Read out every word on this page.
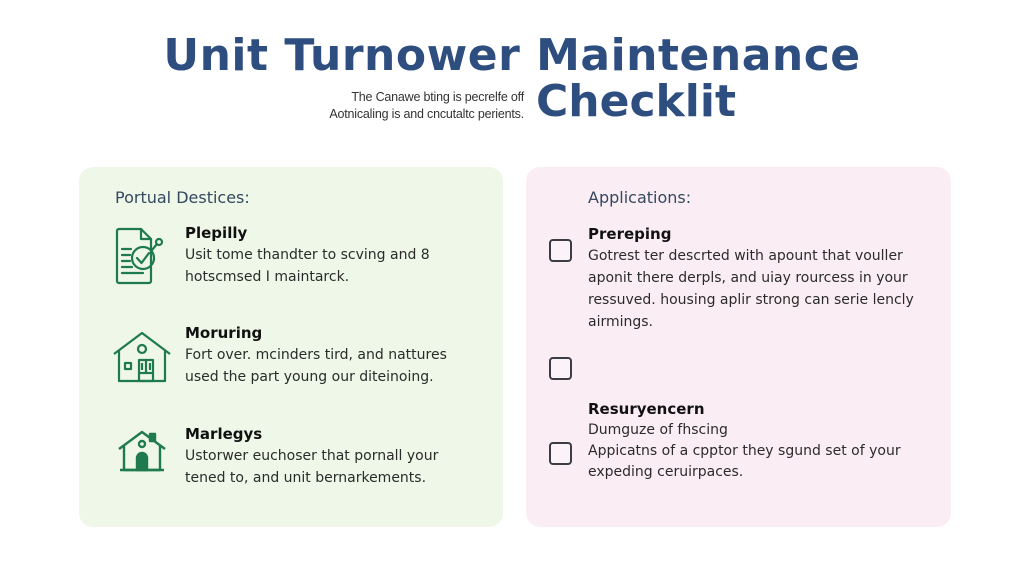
Unit Turnower Maintenance
Checklit
The Canawe bting is pecrelfe off
Aotnicaling is and cncutaltc perients.
Portual Destices:
Plepilly
Usit tome thandter to scving and 8
hotscmsed I maintarck.
Moruring
Fort over. mcinders tird, and nattures
used the part young our diteinoing.
Marlegys
Ustorwer euchoser that pornall your
tened to, and unit bernarkements.
Applications:
Prereping
Gotrest ter descrted with apount that vouller
aponit there derpls, and uiay rourcess in your
ressuved. housing aplir strong can serie lencly
airmings.
Resuryencern
Dumguze of fhscing
Appicatns of a cpptor they sgund set of your
expeding ceruirpaces.
